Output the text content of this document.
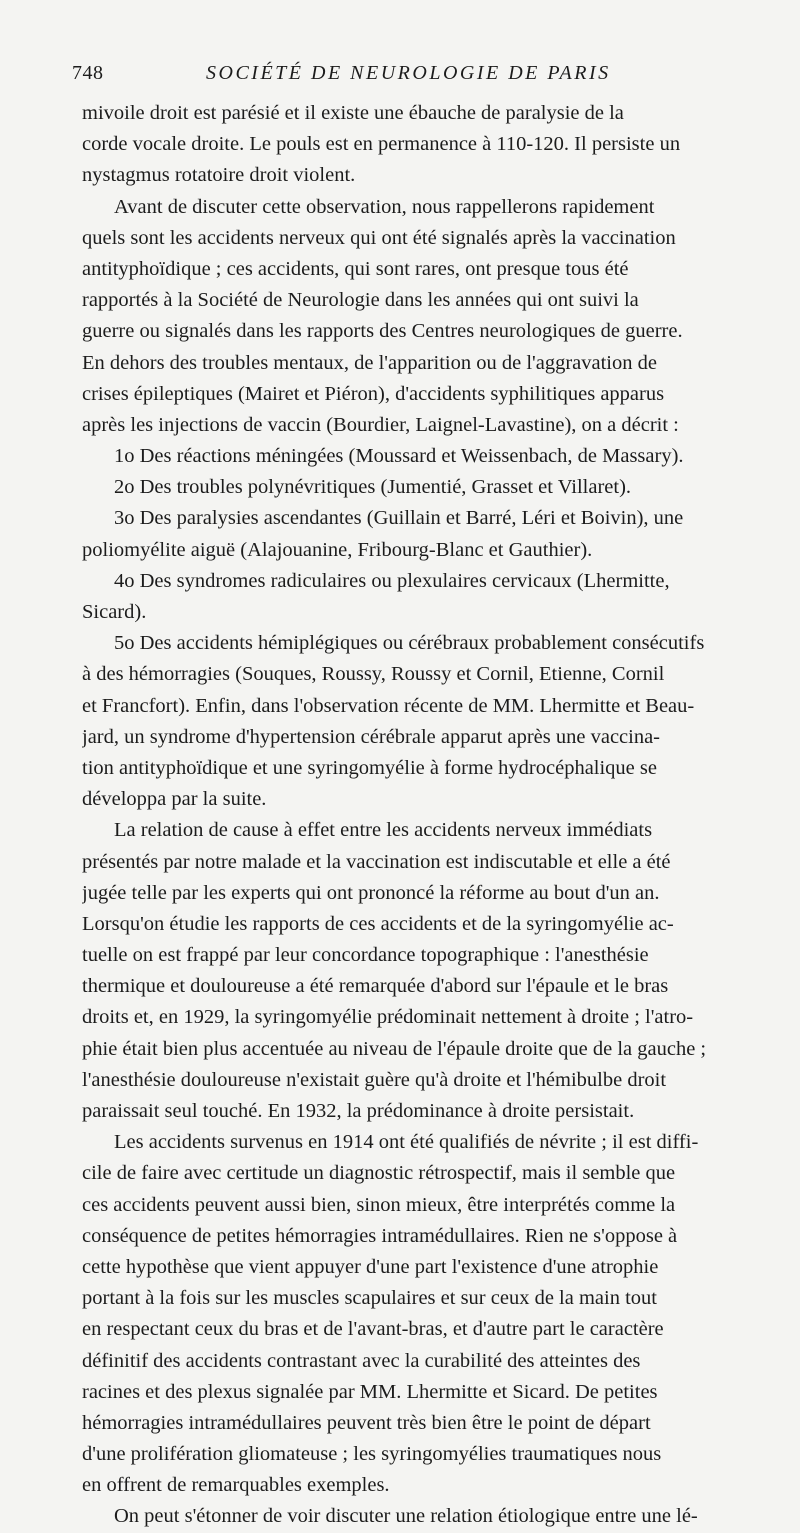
748	SOCIÉTÉ DE NEUROLOGIE DE PARIS
mivoile droit est parésié et il existe une ébauche de paralysie de la
corde vocale droite. Le pouls est en permanence à 110-120. Il persiste un
nystagmus rotatoire droit violent.
Avant de discuter cette observation, nous rappellerons rapidement
quels sont les accidents nerveux qui ont été signalés après la vaccination
antityphoïdique ; ces accidents, qui sont rares, ont presque tous été
rapportés à la Société de Neurologie dans les années qui ont suivi la
guerre ou signalés dans les rapports des Centres neurologiques de guerre.
En dehors des troubles mentaux, de l'apparition ou de l'aggravation de
crises épileptiques (Mairet et Piéron), d'accidents syphilitiques apparus
après les injections de vaccin (Bourdier, Laignel-Lavastine), on a décrit :
1o Des réactions méningées (Moussard et Weissenbach, de Massary).
2o Des troubles polynévritiques (Jumentié, Grasset et Villaret).
3o Des paralysies ascendantes (Guillain et Barré, Léri et Boivin), une
poliomyélite aiguë (Alajouanine, Fribourg-Blanc et Gauthier).
4o Des syndromes radiculaires ou plexulaires cervicaux (Lhermitte,
Sicard).
5o Des accidents hémiplégiques ou cérébraux probablement consécutifs
à des hémorragies (Souques, Roussy, Roussy et Cornil, Etienne, Cornil
et Francfort). Enfin, dans l'observation récente de MM. Lhermitte et Beau-
jard, un syndrome d'hypertension cérébrale apparut après une vaccina-
tion antityphoïdique et une syringomyélie à forme hydrocéphalique se
développa par la suite.
La relation de cause à effet entre les accidents nerveux immédiats
présentés par notre malade et la vaccination est indiscutable et elle a été
jugée telle par les experts qui ont prononcé la réforme au bout d'un an.
Lorsqu'on étudie les rapports de ces accidents et de la syringomyélie ac-
tuelle on est frappé par leur concordance topographique : l'anesthésie
thermique et douloureuse a été remarquée d'abord sur l'épaule et le bras
droits et, en 1929, la syringomyélie prédominait nettement à droite ; l'atro-
phie était bien plus accentuée au niveau de l'épaule droite que de la gauche ;
l'anesthésie douloureuse n'existait guère qu'à droite et l'hémibulbe droit
paraissait seul touché. En 1932, la prédominance à droite persistait.
Les accidents survenus en 1914 ont été qualifiés de névrite ; il est diffi-
cile de faire avec certitude un diagnostic rétrospectif, mais il semble que
ces accidents peuvent aussi bien, sinon mieux, être interprétés comme la
conséquence de petites hémorragies intramédullaires. Rien ne s'oppose à
cette hypothèse que vient appuyer d'une part l'existence d'une atrophie
portant à la fois sur les muscles scapulaires et sur ceux de la main tout
en respectant ceux du bras et de l'avant-bras, et d'autre part le caractère
définitif des accidents contrastant avec la curabilité des atteintes des
racines et des plexus signalée par MM. Lhermitte et Sicard. De petites
hémorragies intramédullaires peuvent très bien être le point de départ
d'une prolifération gliomateuse ; les syringomyélies traumatiques nous
en offrent de remarquables exemples.
On peut s'étonner de voir discuter une relation étiologique entre une lé-
